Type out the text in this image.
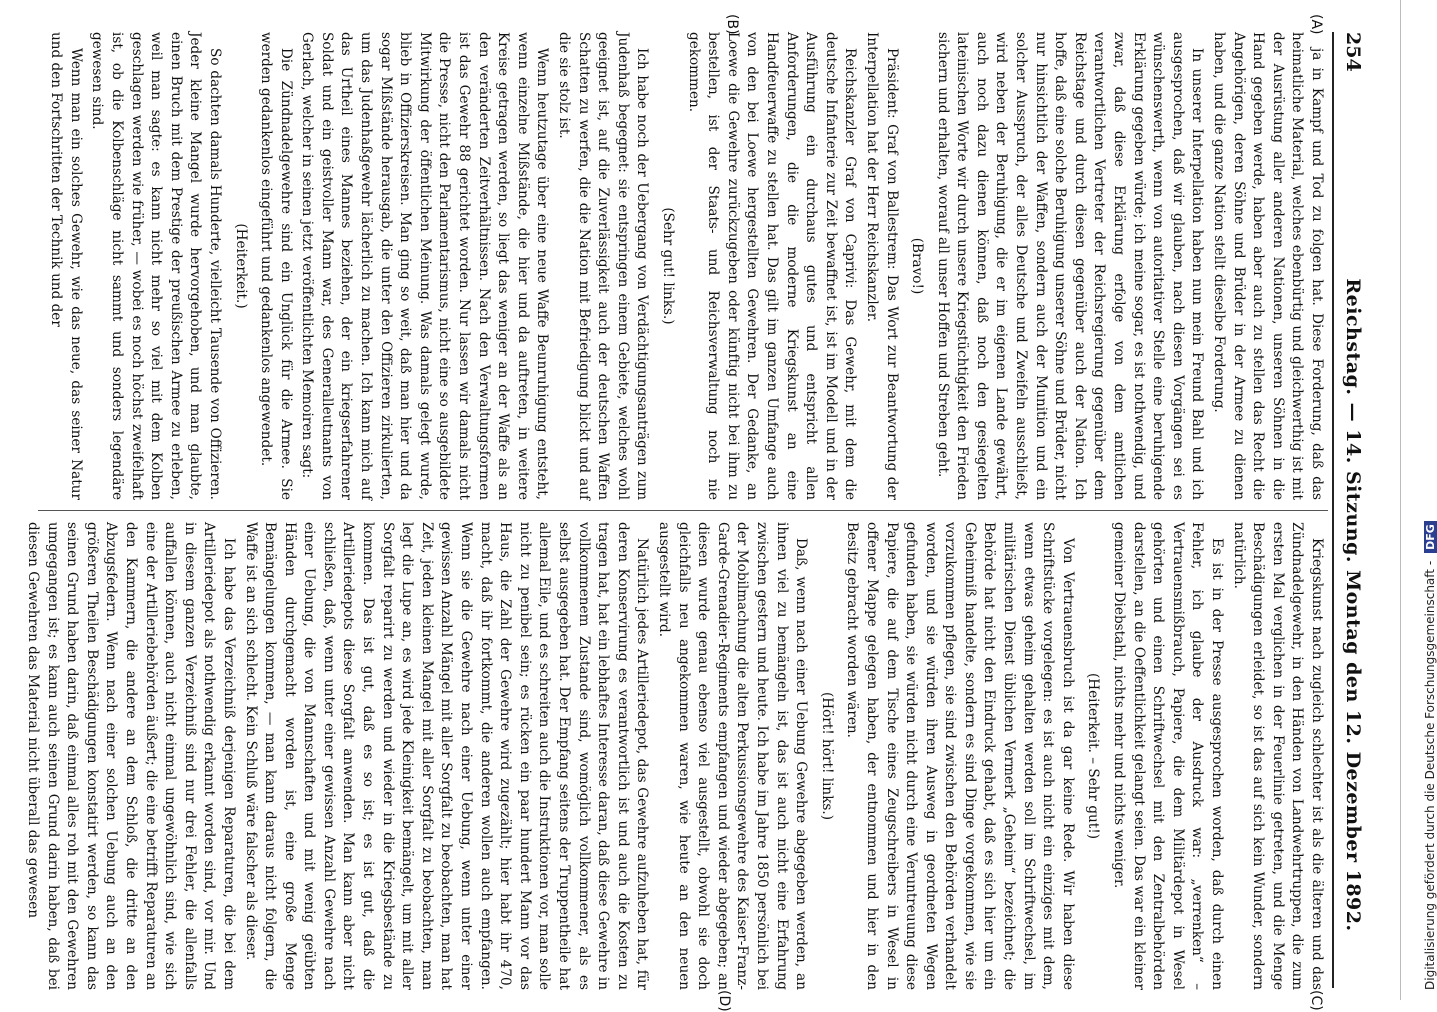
254
Reichstag. — 14. Sitzung. Montag den 12. Dezember 1892.
(A)
(B)
(C)
(D)

ja in Kampf und Tod zu folgen hat. Diese Forderung, daß das heimatliche Material, welches ebenbürtig und gleichwerthig ist mit der Ausrüstung aller anderen Nationen, unseren Söhnen in die Hand gegeben werde, haben aber auch zu stellen das Recht die Angehörigen, deren Söhne und Brüder in der Armee zu dienen haben, und die ganze Nation stellt dieselbe Forderung.

In unserer Interpellation haben nun mein Freund Bahl und ich ausgesprochen, daß wir glauben, nach diesen Vorgängen sei es wünschenswerth, wenn von autoritativer Stelle eine beruhigende Erklärung gegeben würde; ich meine sogar, es ist nothwendig, und zwar, daß diese Erklärung erfolge von dem amtlichen verantwortlichen Vertreter der Reichsregierung gegenüber dem Reichstage und durch diesen gegenüber auch der Nation. Ich hoffe, daß eine solche Beruhigung unserer Söhne und Brüder, nicht nur hinsichtlich der Waffen, sondern auch der Munition und ein solcher Ausspruch, der alles Deutsche und Zweifeln ausschließt, wird neben der Beruhigung, die er im eigenen Lande gewährt, auch noch dazu dienen können, daß noch den gesiegelten lateinischen Worte wir durch unsere Kriegstüchtigkeit den Frieden sichern und erhalten, worauf all unser Hoffen und Streben geht.

(Bravo!)

Präsident: Graf von Ballestrem: Das Wort zur Beantwortung der Interpellation hat der Herr Reichskanzler.

Reichskanzler Graf von Caprivi: Das Gewehr, mit dem die deutsche Infanterie zur Zeit bewaffnet ist, ist im Modell und in der Ausführung ein durchaus gutes und entspricht allen Anforderungen, die die moderne Kriegskunst an eine Handfeuerwaffe zu stellen hat. Das gilt im ganzen Umfange auch von den bei Loewe hergestellten Gewehren. Der Gedanke, an Loewe die Gewehre zurückzugeben oder künftig nicht bei ihm zu bestellen, ist der Staats- und Reichsverwaltung noch nie gekommen.

(Sehr gut! links.)

Ich habe noch der Uebergang von Verdächtigungsanträgen zum Judenhaß begegnet: sie entspringen einem Gebiete, welches wohl geeignet ist, auf die Zuverlässigkeit auch der deutschen Waffen Schatten zu werfen, die die Nation mit Befriedigung blickt und auf die sie stolz ist.

Wenn heutzutage über eine neue Waffe Beunruhigung entsteht, wenn einzelne Mißstände, die hier und da auftreten, in weitere Kreise getragen werden, so liegt das weniger an der Waffe als an den veränderten Zeitverhältnissen. Nach den Verwaltungsformen ist das Gewehr 88 gerichtet worden. Nur lassen wir damals nicht die Presse, nicht den Parlamentarismus, nicht eine so ausgebildete Mitwirkung der öffentlichen Meinung. Was damals gelegt wurde, blieb in Offizierskreisen. Man ging so weit, daß man hier und da sogar Mißstände herausgab, die unter den Offizieren zirkulierten, um das Judenhaßgewehr lächerlich zu machen. Ich kann mich auf das Urtheil eines Mannes beziehen, der ein kriegserfahrener Soldat und ein geistvoller Mann war, des Generalleutnants von Gerlach, welcher in seinen jetzt veröffentlichten Memoiren sagt:

Die Zündnadelgewehre sind ein Unglück für die Armee. Sie werden gedankenlos eingeführt und gedankenlos angewendet.

(Heiterkeit.)

So dachten damals Hunderte, vielleicht Tausende von Offizieren. Jeder kleine Mangel wurde hervorgehoben, und man glaubte, einen Bruch mit dem Prestige der preußischen Armee zu erleben, weil man sagte: es kann nicht mehr so viel mit dem Kolben geschlagen werden wie früher, — wobei es noch höchst zweifelhaft ist, ob die Kolbenschläge nicht sammt und sonders legendäre gewesen sind.

Wenn man ein solches Gewehr, wie das neue, das seiner Natur und den Fortschritten der Technik und der

Kriegskunst nach zugleich schlechter ist als die älteren und das Zündnadelgewehr, in den Händen von Landwehrtruppen, die zum ersten Mal verglichen in der Feuerlinie getreten, und die Menge Beschädigungen erleidet, so ist das auf sich kein Wunder, sondern natürlich.

Es ist in der Presse ausgesprochen worden, daß durch einen Fehler, ich glaube der Ausdruck war: „verrenken“ – Vertrauensmißbrauch, Papiere, die dem Militärdepot in Wesel gehörten und einen Schriftwechsel mit den Zentralbehörden darstellen, an die Oeffentlichkeit gelangt seien. Das war ein kleiner gemeiner Diebstahl, nichts mehr und nichts weniger.

(Heiterkeit. – Sehr gut!)

Von Vertrauensbruch ist da gar keine Rede. Wir haben diese Schriftstücke vorgelegen: es ist auch nicht ein einziges mit dem, wenn etwas geheim gehalten werden soll im Schriftwechsel, im militärischen Dienst üblichen Vermerk „Geheim“ bezeichnet; die Behörde hat nicht den Eindruck gehabt, daß es sich hier um ein Geheimniß handelte, sondern es sind Dinge vorgekommen, wie sie vorzukommen pflegen, sie sind zwischen den Behörden verhandelt worden, und sie würden ihren Ausweg in geordneten Wegen gefunden haben, sie würden nicht durch eine Veruntreuung diese Papiere, die auf dem Tische eines Zeugschreibers in Wesel in offener Mappe gelegen haben, der entnommen und hier in den Besitz gebracht worden wären.

(Hört! hört! links.)

Daß, wenn nach einer Uebung Gewehre abgegeben werden, an ihnen viel zu bemängeln ist, das ist auch nicht eine Erfahrung zwischen gestern und heute. Ich habe im Jahre 1850 persönlich bei der Mobilmachung die alten Perkussionsgewehre des Kaiser-Franz-Garde-Grenadier-Regiments empfangen und wieder abgegeben; an diesen wurde genau ebenso viel ausgestellt, obwohl sie doch gleichfalls neu angekommen waren, wie heute an den neuen ausgestellt wird.

Natürlich jedes Artilleriedepot, das Gewehre aufzuheben hat, für deren Konservirung es verantwortlich ist und auch die Kosten zu tragen hat, hat ein lebhaftes Interesse daran, daß diese Gewehre in vollkommenem Zustande sind, womöglich vollkommener, als es selbst ausgegeben hat. Der Empfang seitens der Truppentheile hat allemal Eile, und es schreiten auch die Instruktionen vor, man solle nicht zu penibel sein; es rücken ein paar hundert Mann vor das Haus, die Zahl der Gewehre wird zugezählt; hier habt ihr 470, macht, daß ihr fortkommt, die anderen wollen auch empfangen. Wenn sie die Gewehre nach einer Uebung, wenn unter einer gewissen Anzahl Mängel mit aller Sorgfalt zu beobachten, man hat Zeit, jeden kleinen Mangel mit aller Sorgfalt zu beobachten, man legt die Lupe an, es wird jede Kleinigkeit bemängelt, um mit aller Sorgfalt reparirt zu werden und wieder in die Kriegsbestände zu kommen. Das ist gut, daß es so ist; es ist gut, daß die Artilleriedepots diese Sorgfalt anwenden. Man kann aber nicht schließen, daß, wenn unter einer gewissen Anzahl Gewehre nach einer Uebung, die von Mannschaften und mit wenig geübten Händen durchgemacht worden ist, eine große Menge Bemängelungen kommen, — man kann daraus nicht folgern, die Waffe ist an sich schlecht. Kein Schluß wäre falscher als dieser.

Ich habe das Verzeichniß derjenigen Reparaturen, die bei dem Artilleriedepot als nothwendig erkannt worden sind, vor mir. Und in diesem ganzen Verzeichniß sind nur drei Fehler, die allenfalls auffallen können, auch nicht einmal ungewöhnlich sind, wie sich eine der Artilleriebehörden äußert; die eine betrifft Reparaturen an den Kammern, die andere an dem Schloß, die dritte an den Abzugsfedern. Wenn nach einer solchen Uebung auch an den größeren Theilen Beschädigungen konstatirt werden, so kann das seinen Grund haben darin, daß einmal alles roh mit den Gewehren umgegangen ist; es kann auch seinen Grund darin haben, daß bei diesen Gewehren das Material nicht überall das gewesen	Digitalisierung gefördert durch die Deutsche Forschungsgemeinschaft -DFG
